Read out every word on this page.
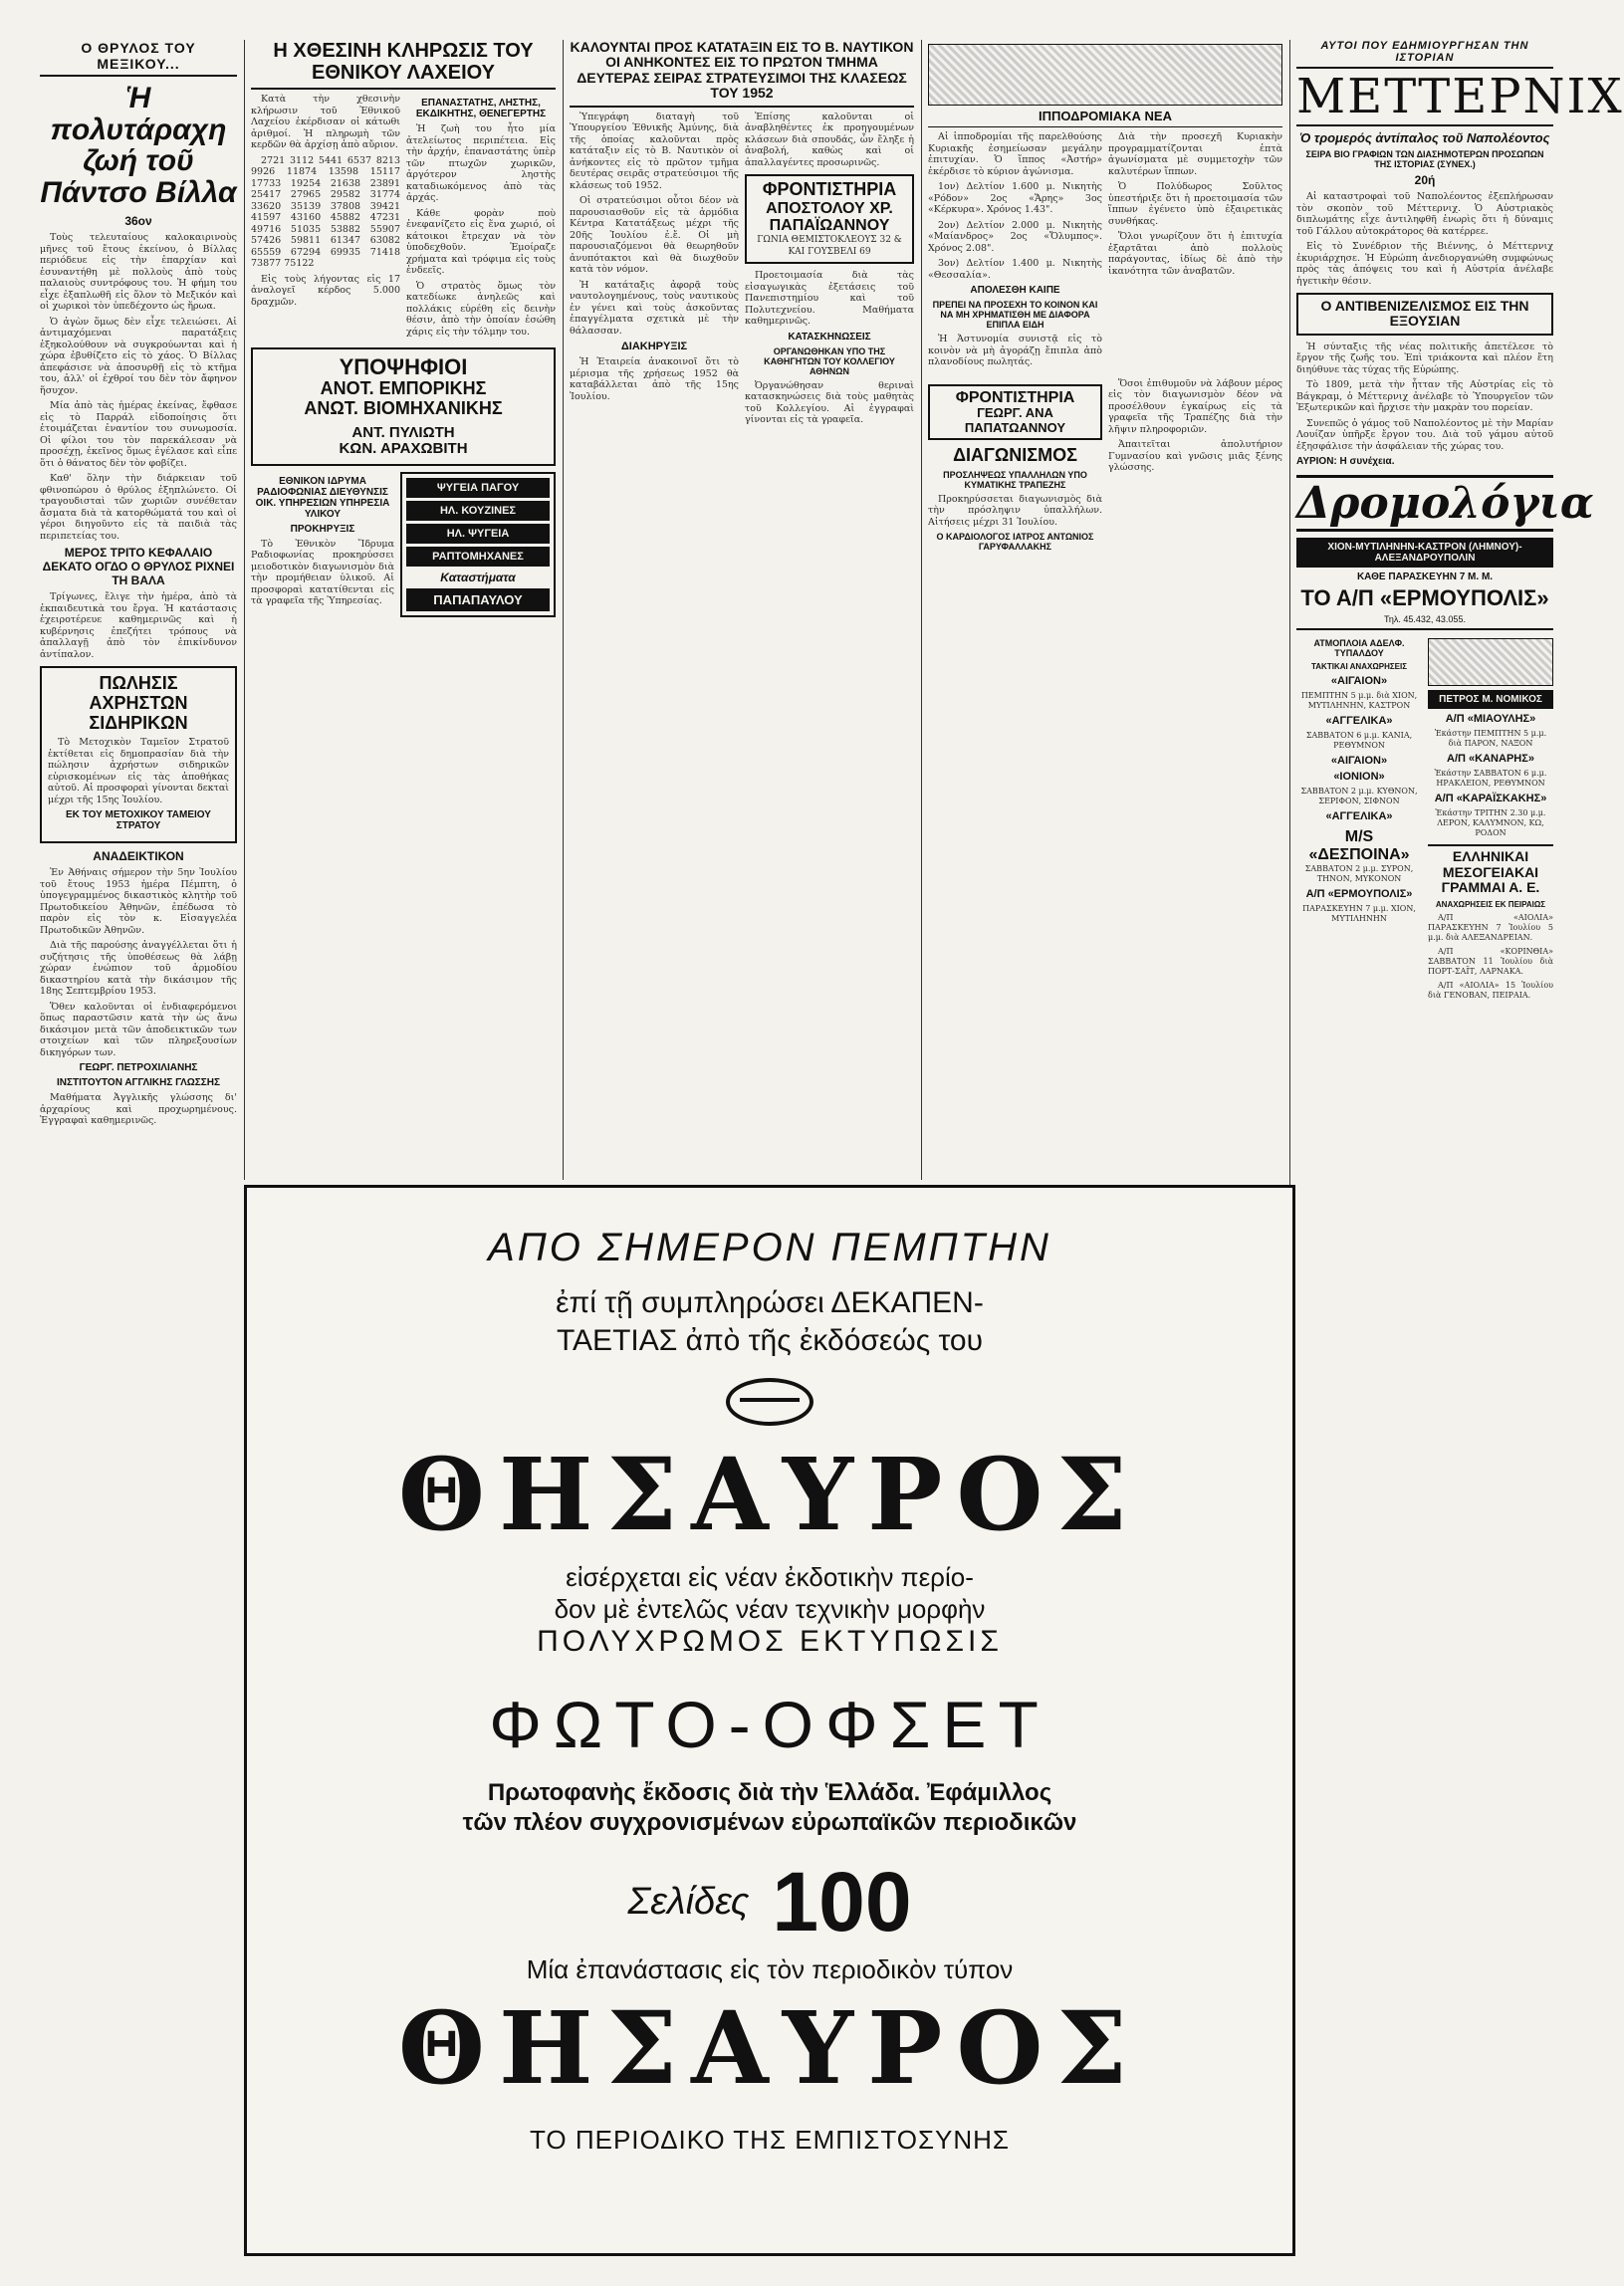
Ο ΘΡΥΛΟΣ ΤΟΥ ΜΕΞΙΚΟΥ...
Ἡ πολυτάραχη ζωή τοῦ Πάντσο Βίλλα
36ον

Τοὺς τελευταίους καλοκαιρινοὺς μῆνες τοῦ ἔτους ἐκείνου, ὁ Βίλλας περιόδευε εἰς τὴν ἐπαρχίαν καὶ ἐσυναντήθη μὲ πολλοὺς ἀπὸ τοὺς παλαιοὺς συντρόφους του. Ἡ φήμη του εἶχε ἐξαπλωθῆ εἰς ὅλον τὸ Μεξικόν καὶ οἱ χωρικοὶ τὸν ὑπεδέχοντο ὡς ἥρωα.

Ὁ ἀγὼν ὅμως δὲν εἶχε τελειώσει. Αἱ ἀντιμαχόμεναι παρατάξεις ἐξηκολούθουν νὰ συγκρούωνται καὶ ἡ χώρα ἐβυθίζετο εἰς τὸ χάος. Ὁ Βίλλας ἀπεφάσισε νὰ ἀποσυρθῇ εἰς τὸ κτῆμα του, ἀλλ' οἱ ἐχθροί του δὲν τὸν ἄφηνον ἥσυχον.

Μία ἀπὸ τὰς ἡμέρας ἐκείνας, ἔφθασε εἰς τὸ Παρράλ εἰδοποίησις ὅτι ἐτοιμάζεται ἐναντίον του συνωμοσία. Οἱ φίλοι του τὸν παρεκάλεσαν νὰ προσέχῃ, ἐκεῖνος ὅμως ἐγέλασε καὶ εἶπε ὅτι ὁ θάνατος δὲν τὸν φοβίζει.

Καθ' ὅλην τὴν διάρκειαν τοῦ φθινοπώρου ὁ θρύλος ἐξηπλώνετο. Οἱ τραγουδισταὶ τῶν χωριῶν συνέθεταν ἄσματα διὰ τὰ κατορθώματά του καὶ οἱ γέροι διηγοῦντο εἰς τὰ παιδιὰ τὰς περιπετείας του.

ΜΕΡΟΣ ΤΡΙΤΟ ΚΕΦΑΛΑΙΟ ΔΕΚΑΤΟ ΟΓΔΟ Ο ΘΡΥΛΟΣ ΡΙΧΝΕΙ ΤΗ ΒΑΛΑ

Τρίγωνες, ἔλιγε τὴν ἡμέρα, ἀπὸ τὰ ἐκπαιδευτικὰ του ἔργα. Ἡ κατάστασις ἐχειροτέρευε καθημερινῶς καὶ ἡ κυβέρνησις ἐπεζήτει τρόπους νὰ ἀπαλλαγῇ ἀπὸ τὸν ἐπικίνδυνον ἀντίπαλον.

ΠΩΛΗΣΙΣ ΑΧΡΗΣΤΩΝ ΣΙΔΗΡΙΚΩΝ

Τὸ Μετοχικὸν Ταμεῖον Στρατοῦ ἐκτίθεται εἰς δημοπρασίαν διὰ τὴν πώλησιν ἀχρήστων σιδηρικῶν εὑρισκομένων εἰς τὰς ἀποθήκας αὐτοῦ. Αἱ προσφοραὶ γίνονται δεκταὶ μέχρι τῆς 15ης Ἰουλίου.

ΕΚ ΤΟΥ ΜΕΤΟΧΙΚΟΥ ΤΑΜΕΙΟΥ ΣΤΡΑΤΟΥ
ΑΝΑΔΕΙΚΤΙΚΟΝ

Ἐν Ἀθήναις σήμερον τὴν 5ην Ἰουλίου τοῦ ἔτους 1953 ἡμέρα Πέμπτη, ὁ ὑπογεγραμμένος δικαστικὸς κλητὴρ τοῦ Πρωτοδικείου Ἀθηνῶν, ἐπέδωσα τὸ παρὸν εἰς τὸν κ. Εἰσαγγελέα Πρωτοδικῶν Ἀθηνῶν.

Διὰ τῆς παρούσης ἀναγγέλλεται ὅτι ἡ συζήτησις τῆς ὑποθέσεως θὰ λάβῃ χώραν ἐνώπιον τοῦ ἁρμοδίου δικαστηρίου κατὰ τὴν δικάσιμον τῆς 18ης Σεπτεμβρίου 1953.

Ὅθεν καλοῦνται οἱ ἐνδιαφερόμενοι ὅπως παραστῶσιν κατὰ τὴν ὡς ἄνω δικάσιμον μετὰ τῶν ἀποδεικτικῶν των στοιχείων καὶ τῶν πληρεξουσίων δικηγόρων των.

ΓΕΩΡΓ. ΠΕΤΡΟΧΙΛΙΑΝΗΣ
ΙΝΣΤΙΤΟΥΤΟΝ ΑΓΓΛΙΚΗΣ ΓΛΩΣΣΗΣ

Μαθήματα Ἀγγλικῆς γλώσσης δι' ἀρχαρίους καὶ προχωρημένους. Ἐγγραφαὶ καθημερινῶς.

Η ΧΘΕΣΙΝΗ ΚΛΗΡΩΣΙΣ ΤΟΥ ΕΘΝΙΚΟΥ ΛΑΧΕΙΟΥ

Κατὰ τὴν χθεσινὴν κλήρωσιν τοῦ Ἐθνικοῦ Λαχείου ἐκέρδισαν οἱ κάτωθι ἀριθμοί. Ἡ πληρωμὴ τῶν κερδῶν θὰ ἀρχίσῃ ἀπὸ αὔριον.

2721 3112 5441 6537 8213 9926 11874 13598 15117 17733 19254 21638 23891 25417 27965 29582 31774 33620 35139 37808 39421 41597 43160 45882 47231 49716 51035 53882 55907 57426 59811 61347 63082 65559 67294 69935 71418 73877 75122

Εἰς τοὺς λήγοντας εἰς 17 ἀναλογεῖ κέρδος 5.000 δραχμῶν.

ΕΠΑΝΑΣΤΑΤΗΣ, ΛΗΣΤΗΣ, ΕΚΔΙΚΗΤΗΣ, ΘΕΝΕΓΕΡΤΗΣ

Ἡ ζωὴ του ἦτο μία ἀτελείωτος περιπέτεια. Εἰς τὴν ἀρχήν, ἐπαναστάτης ὑπὲρ τῶν πτωχῶν χωρικῶν, ἀργότερον ληστὴς καταδιωκόμενος ἀπὸ τὰς ἀρχάς.

Κάθε φορὰν ποὺ ἐνεφανίζετο εἰς ἕνα χωριό, οἱ κάτοικοι ἔτρεχαν νὰ τὸν ὑποδεχθοῦν. Ἐμοίραζε χρήματα καὶ τρόφιμα εἰς τοὺς ἐνδεεῖς.

Ὁ στρατὸς ὅμως τὸν κατεδίωκε ἀνηλεῶς καὶ πολλάκις εὑρέθη εἰς δεινὴν θέσιν, ἀπὸ τὴν ὁποίαν ἐσώθη χάρις εἰς τὴν τόλμην του.

ΥΠΟΨΗΦΙΟΙ
ΑΝΟΤ. ΕΜΠΟΡΙΚΗΣ
ΑΝΩΤ. ΒΙΟΜΗΧΑΝΙΚΗΣ
ΑΝΤ. ΠΥΛΙΩΤΗ
ΚΩΝ. ΑΡΑΧΩΒΙΤΗ
ΕΘΝΙΚΟΝ ΙΔΡΥΜΑ ΡΑΔΙΟΦΩΝΙΑΣ ΔΙΕΥΘΥΝΣΙΣ ΟΙΚ. ΥΠΗΡΕΣΙΩΝ ΥΠΗΡΕΣΙΑ ΥΛΙΚΟΥ
ΠΡΟΚΗΡΥΞΙΣ

Τὸ Ἐθνικὸν Ἵδρυμα Ραδιοφωνίας προκηρύσσει μειοδοτικὸν διαγωνισμὸν διὰ τὴν προμήθειαν ὑλικοῦ. Αἱ προσφοραὶ κατατίθενται εἰς τὰ γραφεῖα τῆς Ὑπηρεσίας.

ΨΥΓΕΙΑ ΠΑΓΟΥ
ΗΛ. ΚΟΥΖΙΝΕΣ
ΗΛ. ΨΥΓΕΙΑ
ΡΑΠΤΟΜΗΧΑΝΕΣ
Καταστήματα
ΠΑΠΑΠΑΥΛΟΥ
ΚΑΛΟΥΝΤΑΙ ΠΡΟΣ ΚΑΤΑΤΑΞΙΝ ΕΙΣ ΤΟ Β. ΝΑΥΤΙΚΟΝ ΟΙ ΑΝΗΚΟΝΤΕΣ ΕΙΣ ΤΟ ΠΡΩΤΟΝ ΤΜΗΜΑ ΔΕΥΤΕΡΑΣ ΣΕΙΡΑΣ ΣΤΡΑΤΕΥΣΙΜΟΙ ΤΗΣ ΚΛΑΣΕΩΣ ΤΟΥ 1952

Ὑπεγράφη διαταγὴ τοῦ Ὑπουργείου Ἐθνικῆς Ἀμύνης, διὰ τῆς ὁποίας καλοῦνται πρὸς κατάταξιν εἰς τὸ Β. Ναυτικὸν οἱ ἀνήκοντες εἰς τὸ πρῶτον τμῆμα δευτέρας σειρᾶς στρατεύσιμοι τῆς κλάσεως τοῦ 1952.

Οἱ στρατεύσιμοι οὗτοι δέον νὰ παρουσιασθοῦν εἰς τὰ ἁρμόδια Κέντρα Κατατάξεως μέχρι τῆς 20ῆς Ἰουλίου ἐ.ἔ. Οἱ μὴ παρουσιαζόμενοι θὰ θεωρηθοῦν ἀνυπότακτοι καὶ θὰ διωχθοῦν κατὰ τὸν νόμον.

Ἡ κατάταξις ἀφορᾷ τοὺς ναυτολογημένους, τοὺς ναυτικοὺς ἐν γένει καὶ τοὺς ἀσκοῦντας ἐπαγγέλματα σχετικὰ μὲ τὴν θάλασσαν.

ΔΙΑΚΗΡΥΞΙΣ

Ἡ Ἑταιρεία ἀνακοινοῖ ὅτι τὸ μέρισμα τῆς χρήσεως 1952 θὰ καταβάλλεται ἀπὸ τῆς 15ης Ἰουλίου.

Ἐπίσης καλοῦνται οἱ ἀναβληθέντες ἐκ προηγουμένων κλάσεων διὰ σπουδάς, ὧν ἔληξε ἡ ἀναβολή, καθὼς καὶ οἱ ἀπαλλαγέντες προσωρινῶς.

ΦΡΟΝΤΙΣΤΗΡΙΑ
ΑΠΟΣΤΟΛΟΥ ΧΡ. ΠΑΠΑΪΩΑΝΝΟΥ
ΓΩΝΙΑ ΘΕΜΙΣΤΟΚΛΕΟΥΣ 32 & ΚΑΙ ΓΟΥΣΒΕΛΙ 69

Προετοιμασία διὰ τὰς εἰσαγωγικὰς ἐξετάσεις τοῦ Πανεπιστημίου καὶ τοῦ Πολυτεχνείου. Μαθήματα καθημερινῶς.

ΚΑΤΑΣΚΗΝΩΣΕΙΣ
ΟΡΓΑΝΩΘΗΚΑΝ ΥΠΟ ΤΗΣ ΚΑΘΗΓΗΤΩΝ ΤΟΥ ΚΟΛΛΕΓΙΟΥ ΑΘΗΝΩΝ

Ὀργανώθησαν θεριναὶ κατασκηνώσεις διὰ τοὺς μαθητὰς τοῦ Κολλεγίου. Αἱ ἐγγραφαὶ γίνονται εἰς τὰ γραφεῖα.

ΙΠΠΟΔΡΟΜΙΑΚΑ ΝΕΑ

Αἱ ἱπποδρομίαι τῆς παρελθούσης Κυριακῆς ἐσημείωσαν μεγάλην ἐπιτυχίαν. Ὁ ἵππος «Ἀστήρ» ἐκέρδισε τὸ κύριον ἀγώνισμα.

1ον) Δελτίον 1.600 μ. Νικητὴς «Ρόδον» 2ος «Ἄρης» 3ος «Κέρκυρα». Χρόνος 1.43".

2ον) Δελτίον 2.000 μ. Νικητὴς «Μαίανδρος» 2ος «Ὄλυμπος». Χρόνος 2.08".

3ον) Δελτίον 1.400 μ. Νικητὴς «Θεσσαλία».

ΑΠΟΛΕΣΘΗ ΚΑΙΠΕ
ΠΡΕΠΕΙ ΝΑ ΠΡΟΣΕΧΗ ΤΟ ΚΟΙΝΟΝ ΚΑΙ ΝΑ ΜΗ ΧΡΗΜΑΤΙΣΘΗ ΜΕ ΔΙΑΦΟΡΑ ΕΠΙΠΛΑ ΕΙΔΗ

Ἡ Ἀστυνομία συνιστᾷ εἰς τὸ κοινὸν νὰ μὴ ἀγοράζῃ ἔπιπλα ἀπὸ πλανοδίους πωλητάς.

Διὰ τὴν προσεχῆ Κυριακὴν προγραμματίζονται ἐπτὰ ἀγωνίσματα μὲ συμμετοχὴν τῶν καλυτέρων ἵππων.

Ὁ Πολύδωρος Σοῦλτος ὑπεστήριξε ὅτι ἡ προετοιμασία τῶν ἵππων ἐγένετο ὑπὸ ἐξαιρετικὰς συνθήκας.

Ὅλοι γνωρίζουν ὅτι ἡ ἐπιτυχία ἐξαρτᾶται ἀπὸ πολλοὺς παράγοντας, ἰδίως δὲ ἀπὸ τὴν ἱκανότητα τῶν ἀναβατῶν.

ΦΡΟΝΤΙΣΤΗΡΙΑ
ΓΕΩΡΓ. ΑΝΑ ΠΑΠΑΤΩΑΝΝΟΥ
ΔΙΑΓΩΝΙΣΜΟΣ
ΠΡΟΣΛΗΨΕΩΣ ΥΠΑΛΛΗΛΩΝ ΥΠΟ ΚΥΜΑΤΙΚΗΣ ΤΡΑΠΕΖΗΣ

Προκηρύσσεται διαγωνισμὸς διὰ τὴν πρόσληψιν ὑπαλλήλων. Αἰτήσεις μέχρι 31 Ἰουλίου.

Ο ΚΑΡΔΙΟΛΟΓΟΣ ΙΑΤΡΟΣ ΑΝΤΩΝΙΟΣ ΓΑΡΥΦΑΛΛΑΚΗΣ

Ὅσοι ἐπιθυμοῦν νὰ λάβουν μέρος εἰς τὸν διαγωνισμὸν δέον νὰ προσέλθουν ἐγκαίρως εἰς τὰ γραφεῖα τῆς Τραπέζης διὰ τὴν λῆψιν πληροφοριῶν.

Ἀπαιτεῖται ἀπολυτήριον Γυμνασίου καὶ γνῶσις μιᾶς ξένης γλώσσης.

ΑΥΤΟΙ ΠΟΥ ΕΔΗΜΙΟΥΡΓΗΣΑΝ ΤΗΝ ΙΣΤΟΡΙΑΝ
ΜΕΤΤΕΡΝΙΧ
Ὁ τρομερός ἀντίπαλος τοῦ Ναπολέοντος
ΣΕΙΡΑ ΒΙΟ ΓΡΑΦΙΩΝ ΤΩΝ ΔΙΑΣΗΜΟΤΕΡΩΝ ΠΡΟΣΩΠΩΝ ΤΗΣ ΙΣΤΟΡΙΑΣ (ΣΥΝΕΧ.)
20ή

Αἱ καταστροφαὶ τοῦ Ναπολέοντος ἐξεπλήρωσαν τὸν σκοπὸν τοῦ Μέττερνιχ. Ὁ Αὐστριακὸς διπλωμάτης εἶχε ἀντιληφθῆ ἐνωρὶς ὅτι ἡ δύναμις τοῦ Γάλλου αὐτοκράτορος θὰ κατέρρεε.

Εἰς τὸ Συνέδριον τῆς Βιέννης, ὁ Μέττερνιχ ἐκυριάρχησε. Ἡ Εὐρώπη ἀνεδιοργανώθη συμφώνως πρὸς τὰς ἀπόψεις του καὶ ἡ Αὐστρία ἀνέλαβε ἡγετικὴν θέσιν.

Ο ΑΝΤΙΒΕΝΙΖΕΛΙΣΜΟΣ ΕΙΣ ΤΗΝ ΕΞΟΥΣΙΑΝ

Ἡ σύνταξις τῆς νέας πολιτικῆς ἀπετέλεσε τὸ ἔργον τῆς ζωῆς του. Ἐπὶ τριάκοντα καὶ πλέον ἔτη διηύθυνε τὰς τύχας τῆς Εὐρώπης.

Τὸ 1809, μετὰ τὴν ἧτταν τῆς Αὐστρίας εἰς τὸ Βάγκραμ, ὁ Μέττερνιχ ἀνέλαβε τὸ Ὑπουργεῖον τῶν Ἐξωτερικῶν καὶ ἤρχισε τὴν μακρὰν του πορείαν.

Συνεπῶς ὁ γάμος τοῦ Ναπολέοντος μὲ τὴν Μαρίαν Λουίζαν ὑπῆρξε ἔργον του. Διὰ τοῦ γάμου αὐτοῦ ἐξησφάλισε τὴν ἀσφάλειαν τῆς χώρας του.

ΑΥΡΙΟΝ: Η συνέχεια.
Δρομολόγια
ΧΙΟΝ-ΜΥΤΙΛΗΝΗΝ-ΚΑΣΤΡΟΝ (ΛΗΜΝΟΥ)-ΑΛΕΞΑΝΔΡΟΥΠΟΛΙΝ
ΚΑΘΕ ΠΑΡΑΣΚΕΥΗΝ 7 Μ. Μ.
ΤΟ Α/Π «ΕΡΜΟΥΠΟΛΙΣ»
Τηλ. 45.432, 43.055.
ΑΤΜΟΠΛΟΙΑ ΑΔΕΛΦ. ΤΥΠΑΛΔΟΥ
ΤΑΚΤΙΚΑΙ ΑΝΑΧΩΡΗΣΕΙΣ
«ΑΙΓΑΙΟΝ»
ΠΕΜΠΤΗΝ 5 μ.μ. διὰ ΧΙΟΝ, ΜΥΤΙΛΗΝΗΝ, ΚΑΣΤΡΟΝ
«ΑΓΓΕΛΙΚΑ»
ΣΑΒΒΑΤΟΝ 6 μ.μ. ΚΑΝΙΑ, ΡΕΘΥΜΝΟΝ
«ΑΙΓΑΙΟΝ»
«ΙΟΝΙΟΝ»
ΣΑΒΒΑΤΟΝ 2 μ.μ. ΚΥΘΝΟΝ, ΣΕΡΙΦΟΝ, ΣΙΦΝΟΝ
«ΑΓΓΕΛΙΚΑ»
Μ/S «ΔΕΣΠΟΙΝΑ»
ΣΑΒΒΑΤΟΝ 2 μ.μ. ΣΥΡΟΝ, ΤΗΝΟΝ, ΜΥΚΟΝΟΝ
Α/Π «ΕΡΜΟΥΠΟΛΙΣ»
ΠΑΡΑΣΚΕΥΗΝ 7 μ.μ. ΧΙΟΝ, ΜΥΤΙΛΗΝΗΝ
ΠΕΤΡΟΣ Μ. ΝΟΜΙΚΟΣ
Α/Π «ΜΙΑΟΥΛΗΣ»
Ἐκάστην ΠΕΜΠΤΗΝ 5 μ.μ. διὰ ΠΑΡΟΝ, ΝΑΞΟΝ
Α/Π «ΚΑΝΑΡΗΣ»
Ἐκάστην ΣΑΒΒΑΤΟΝ 6 μ.μ. ΗΡΑΚΛΕΙΟΝ, ΡΕΘΥΜΝΟΝ
Α/Π «ΚΑΡΑΪΣΚΑΚΗΣ»
Ἐκάστην ΤΡΙΤΗΝ 2.30 μ.μ. ΛΕΡΟΝ, ΚΑΛΥΜΝΟΝ, ΚΩ, ΡΟΔΟΝ
ΕΛΛΗΝΙΚΑΙ ΜΕΣΟΓΕΙΑΚΑΙ ΓΡΑΜΜΑΙ Α. Ε.
ΑΝΑΧΩΡΗΣΕΙΣ ΕΚ ΠΕΙΡΑΙΩΣ

Α/Π «ΑΙΟΛΙΑ» ΠΑΡΑΣΚΕΥΗΝ 7 Ἰουλίου 5 μ.μ. διὰ ΑΛΕΞΑΝΔΡΕΙΑΝ.

Α/Π «ΚΟΡΙΝΘΙΑ» ΣΑΒΒΑΤΟΝ 11 Ἰουλίου διὰ ΠΟΡΤ-ΣΑΪΤ, ΛΑΡΝΑΚΑ.

Α/Π «ΑΙΟΛΙΑ» 15 Ἰουλίου διὰ ΓΕΝΟΒΑΝ, ΠΕΙΡΑΙΑ.

ΑΠΟ ΣΗΜΕΡΟΝ ΠΕΜΠΤΗΝ
ἐπί τῇ συμπληρώσει ΔΕΚΑΠΕΝ-
ΤΑΕΤΙΑΣ ἀπὸ τῆς ἐκδόσεώς του
ΘΗΣΑΥΡΟΣ
εἰσέρχεται εἰς νέαν ἐκδοτικὴν περίο-
δον μὲ ἐντελῶς νέαν τεχνικὴν μορφὴν
ΠΟΛΥΧΡΩΜΟΣ ΕΚΤΥΠΩΣΙΣ
ΦΩΤΟ-ΟΦΣΕΤ
Πρωτοφανὴς ἔκδοσις διὰ τὴν Ἑλλάδα. Ἐφάμιλλος
τῶν πλέον συγχρονισμένων εὐρωπαϊκῶν περιοδικῶν
Σελίδες 100
Μία ἐπανάστασις εἰς τὸν περιοδικὸν τύπον
ΘΗΣΑΥΡΟΣ
ΤΟ ΠΕΡΙΟΔΙΚΟ ΤΗΣ ΕΜΠΙΣΤΟΣΥΝΗΣ
